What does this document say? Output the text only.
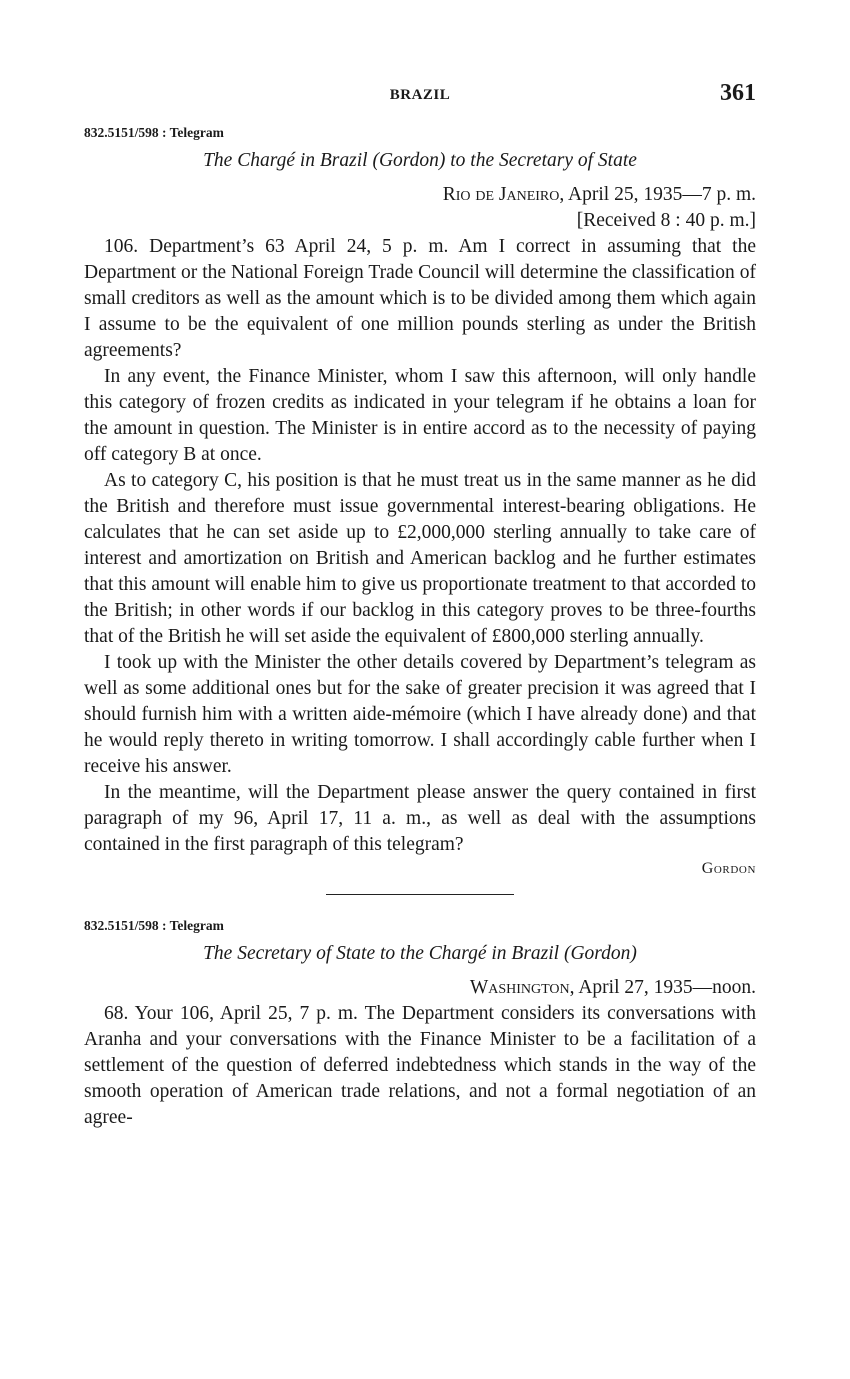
BRAZIL	361
832.5151/598 : Telegram
The Chargé in Brazil (Gordon) to the Secretary of State
Rio de Janeiro, April 25, 1935—7 p. m.
[Received 8 : 40 p. m.]

106. Department’s 63 April 24, 5 p. m. Am I correct in assuming that the Department or the National Foreign Trade Council will determine the classification of small creditors as well as the amount which is to be divided among them which again I assume to be the equivalent of one million pounds sterling as under the British agreements?

In any event, the Finance Minister, whom I saw this afternoon, will only handle this category of frozen credits as indicated in your telegram if he obtains a loan for the amount in question. The Minister is in entire accord as to the necessity of paying off category B at once.

As to category C, his position is that he must treat us in the same manner as he did the British and therefore must issue governmental interest-bearing obligations. He calculates that he can set aside up to £2,000,000 sterling annually to take care of interest and amortization on British and American backlog and he further estimates that this amount will enable him to give us proportionate treatment to that accorded to the British; in other words if our backlog in this category proves to be three-fourths that of the British he will set aside the equivalent of £800,000 sterling annually.

I took up with the Minister the other details covered by Department’s telegram as well as some additional ones but for the sake of greater precision it was agreed that I should furnish him with a written aide-mémoire (which I have already done) and that he would reply thereto in writing tomorrow. I shall accordingly cable further when I receive his answer.

In the meantime, will the Department please answer the query contained in first paragraph of my 96, April 17, 11 a. m., as well as deal with the assumptions contained in the first paragraph of this telegram?

Gordon
832.5151/598 : Telegram
The Secretary of State to the Chargé in Brazil (Gordon)
Washington, April 27, 1935—noon.

68. Your 106, April 25, 7 p. m. The Department considers its conversations with Aranha and your conversations with the Finance Minister to be a facilitation of a settlement of the question of deferred indebtedness which stands in the way of the smooth operation of American trade relations, and not a formal negotiation of an agree-
